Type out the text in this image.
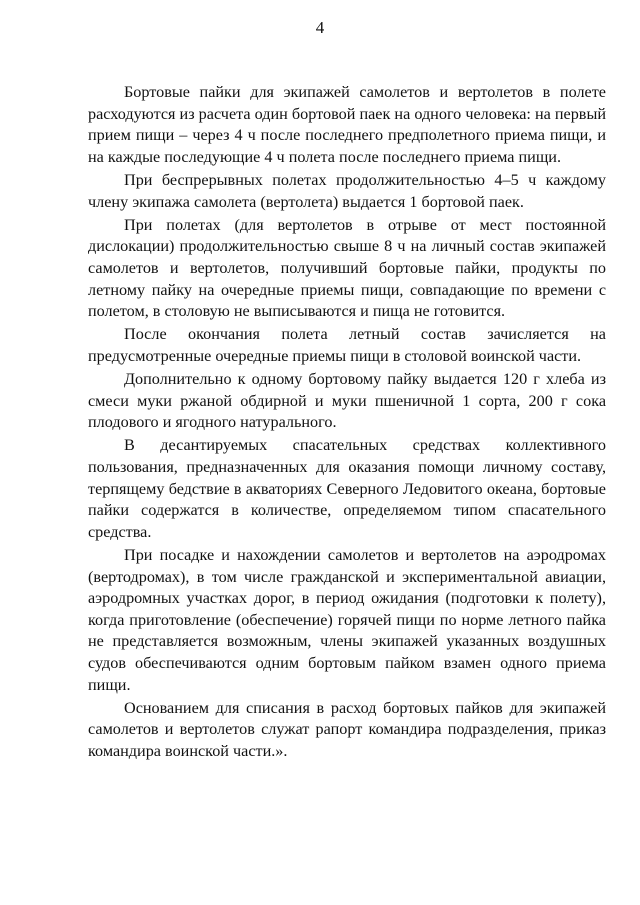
4

Бортовые пайки для экипажей самолетов и вертолетов в полете расходуются из расчета один бортовой паек на одного человека: на первый прием пищи – через 4 ч после последнего предполетного приема пищи, и на каждые последующие 4 ч полета после последнего приема пищи.

При беспрерывных полетах продолжительностью 4–5 ч каждому члену экипажа самолета (вертолета) выдается 1 бортовой паек.

При полетах (для вертолетов в отрыве от мест постоянной дислокации) продолжительностью свыше 8 ч на личный состав экипажей самолетов и вертолетов, получивший бортовые пайки, продукты по летному пайку на очередные приемы пищи, совпадающие по времени с полетом, в столовую не выписываются и пища не готовится.

После окончания полета летный состав зачисляется на предусмотренные очередные приемы пищи в столовой воинской части.

Дополнительно к одному бортовому пайку выдается 120 г хлеба из смеси муки ржаной обдирной и муки пшеничной 1 сорта, 200 г сока плодового и ягодного натурального.

В десантируемых спасательных средствах коллективного пользования, предназначенных для оказания помощи личному составу, терпящему бедствие в акваториях Северного Ледовитого океана, бортовые пайки содержатся в количестве, определяемом типом спасательного средства.

При посадке и нахождении самолетов и вертолетов на аэродромах (вертодромах), в том числе гражданской и экспериментальной авиации, аэродромных участках дорог, в период ожидания (подготовки к полету), когда приготовление (обеспечение) горячей пищи по норме летного пайка не представляется возможным, члены экипажей указанных воздушных судов обеспечиваются одним бортовым пайком взамен одного приема пищи.

Основанием для списания в расход бортовых пайков для экипажей самолетов и вертолетов служат рапорт командира подразделения, приказ командира воинской части.».
